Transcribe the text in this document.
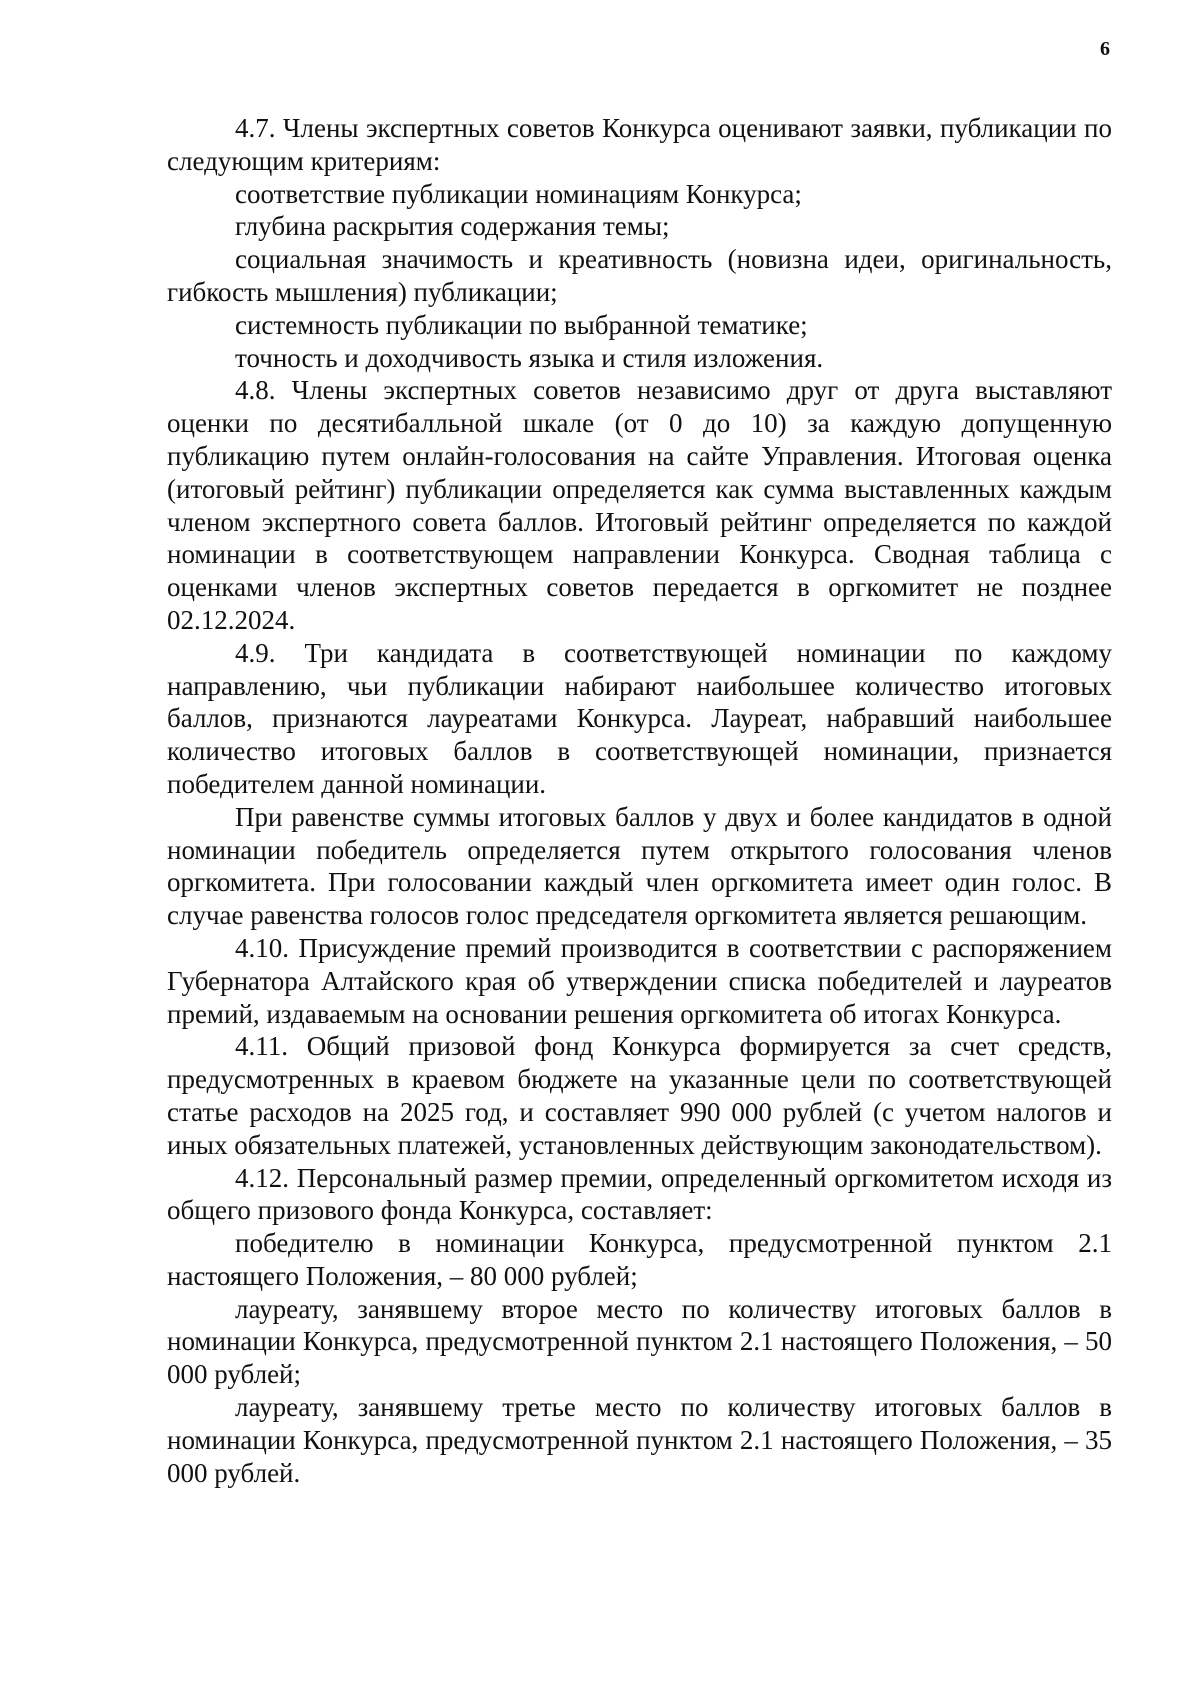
6

4.7. Члены экспертных советов Конкурса оценивают заявки, публикации по следующим критериям:

соответствие публикации номинациям Конкурса;

глубина раскрытия содержания темы;

социальная значимость и креативность (новизна идеи, оригинальность, гибкость мышления) публикации;

системность публикации по выбранной тематике;

точность и доходчивость языка и стиля изложения.

4.8. Члены экспертных советов независимо друг от друга выставляют оценки по десятибалльной шкале (от 0 до 10) за каждую допущенную публикацию путем онлайн-голосования на сайте Управления. Итоговая оценка (итоговый рейтинг) публикации определяется как сумма выставленных каждым членом экспертного совета баллов. Итоговый рейтинг определяется по каждой номинации в соответствующем направлении Конкурса. Сводная таблица с оценками членов экспертных советов передается в оргкомитет не позднее 02.12.2024.

4.9. Три кандидата в соответствующей номинации по каждому направлению, чьи публикации набирают наибольшее количество итоговых баллов, признаются лауреатами Конкурса. Лауреат, набравший наибольшее количество итоговых баллов в соответствующей номинации, признается победителем данной номинации.

При равенстве суммы итоговых баллов у двух и более кандидатов в одной номинации победитель определяется путем открытого голосования членов оргкомитета. При голосовании каждый член оргкомитета имеет один голос. В случае равенства голосов голос председателя оргкомитета является решающим.

4.10. Присуждение премий производится в соответствии с распоряжением Губернатора Алтайского края об утверждении списка победителей и лауреатов премий, издаваемым на основании решения оргкомитета об итогах Конкурса.

4.11. Общий призовой фонд Конкурса формируется за счет средств, предусмотренных в краевом бюджете на указанные цели по соответствующей статье расходов на 2025 год, и составляет 990 000 рублей (с учетом налогов и иных обязательных платежей, установленных действующим законодательством).

4.12. Персональный размер премии, определенный оргкомитетом исходя из общего призового фонда Конкурса, составляет:

победителю в номинации Конкурса, предусмотренной пунктом 2.1 настоящего Положения, – 80 000 рублей;

лауреату, занявшему второе место по количеству итоговых баллов в номинации Конкурса, предусмотренной пунктом 2.1 настоящего Положения, – 50 000 рублей;

лауреату, занявшему третье место по количеству итоговых баллов в номинации Конкурса, предусмотренной пунктом 2.1 настоящего Положения, – 35 000 рублей.
